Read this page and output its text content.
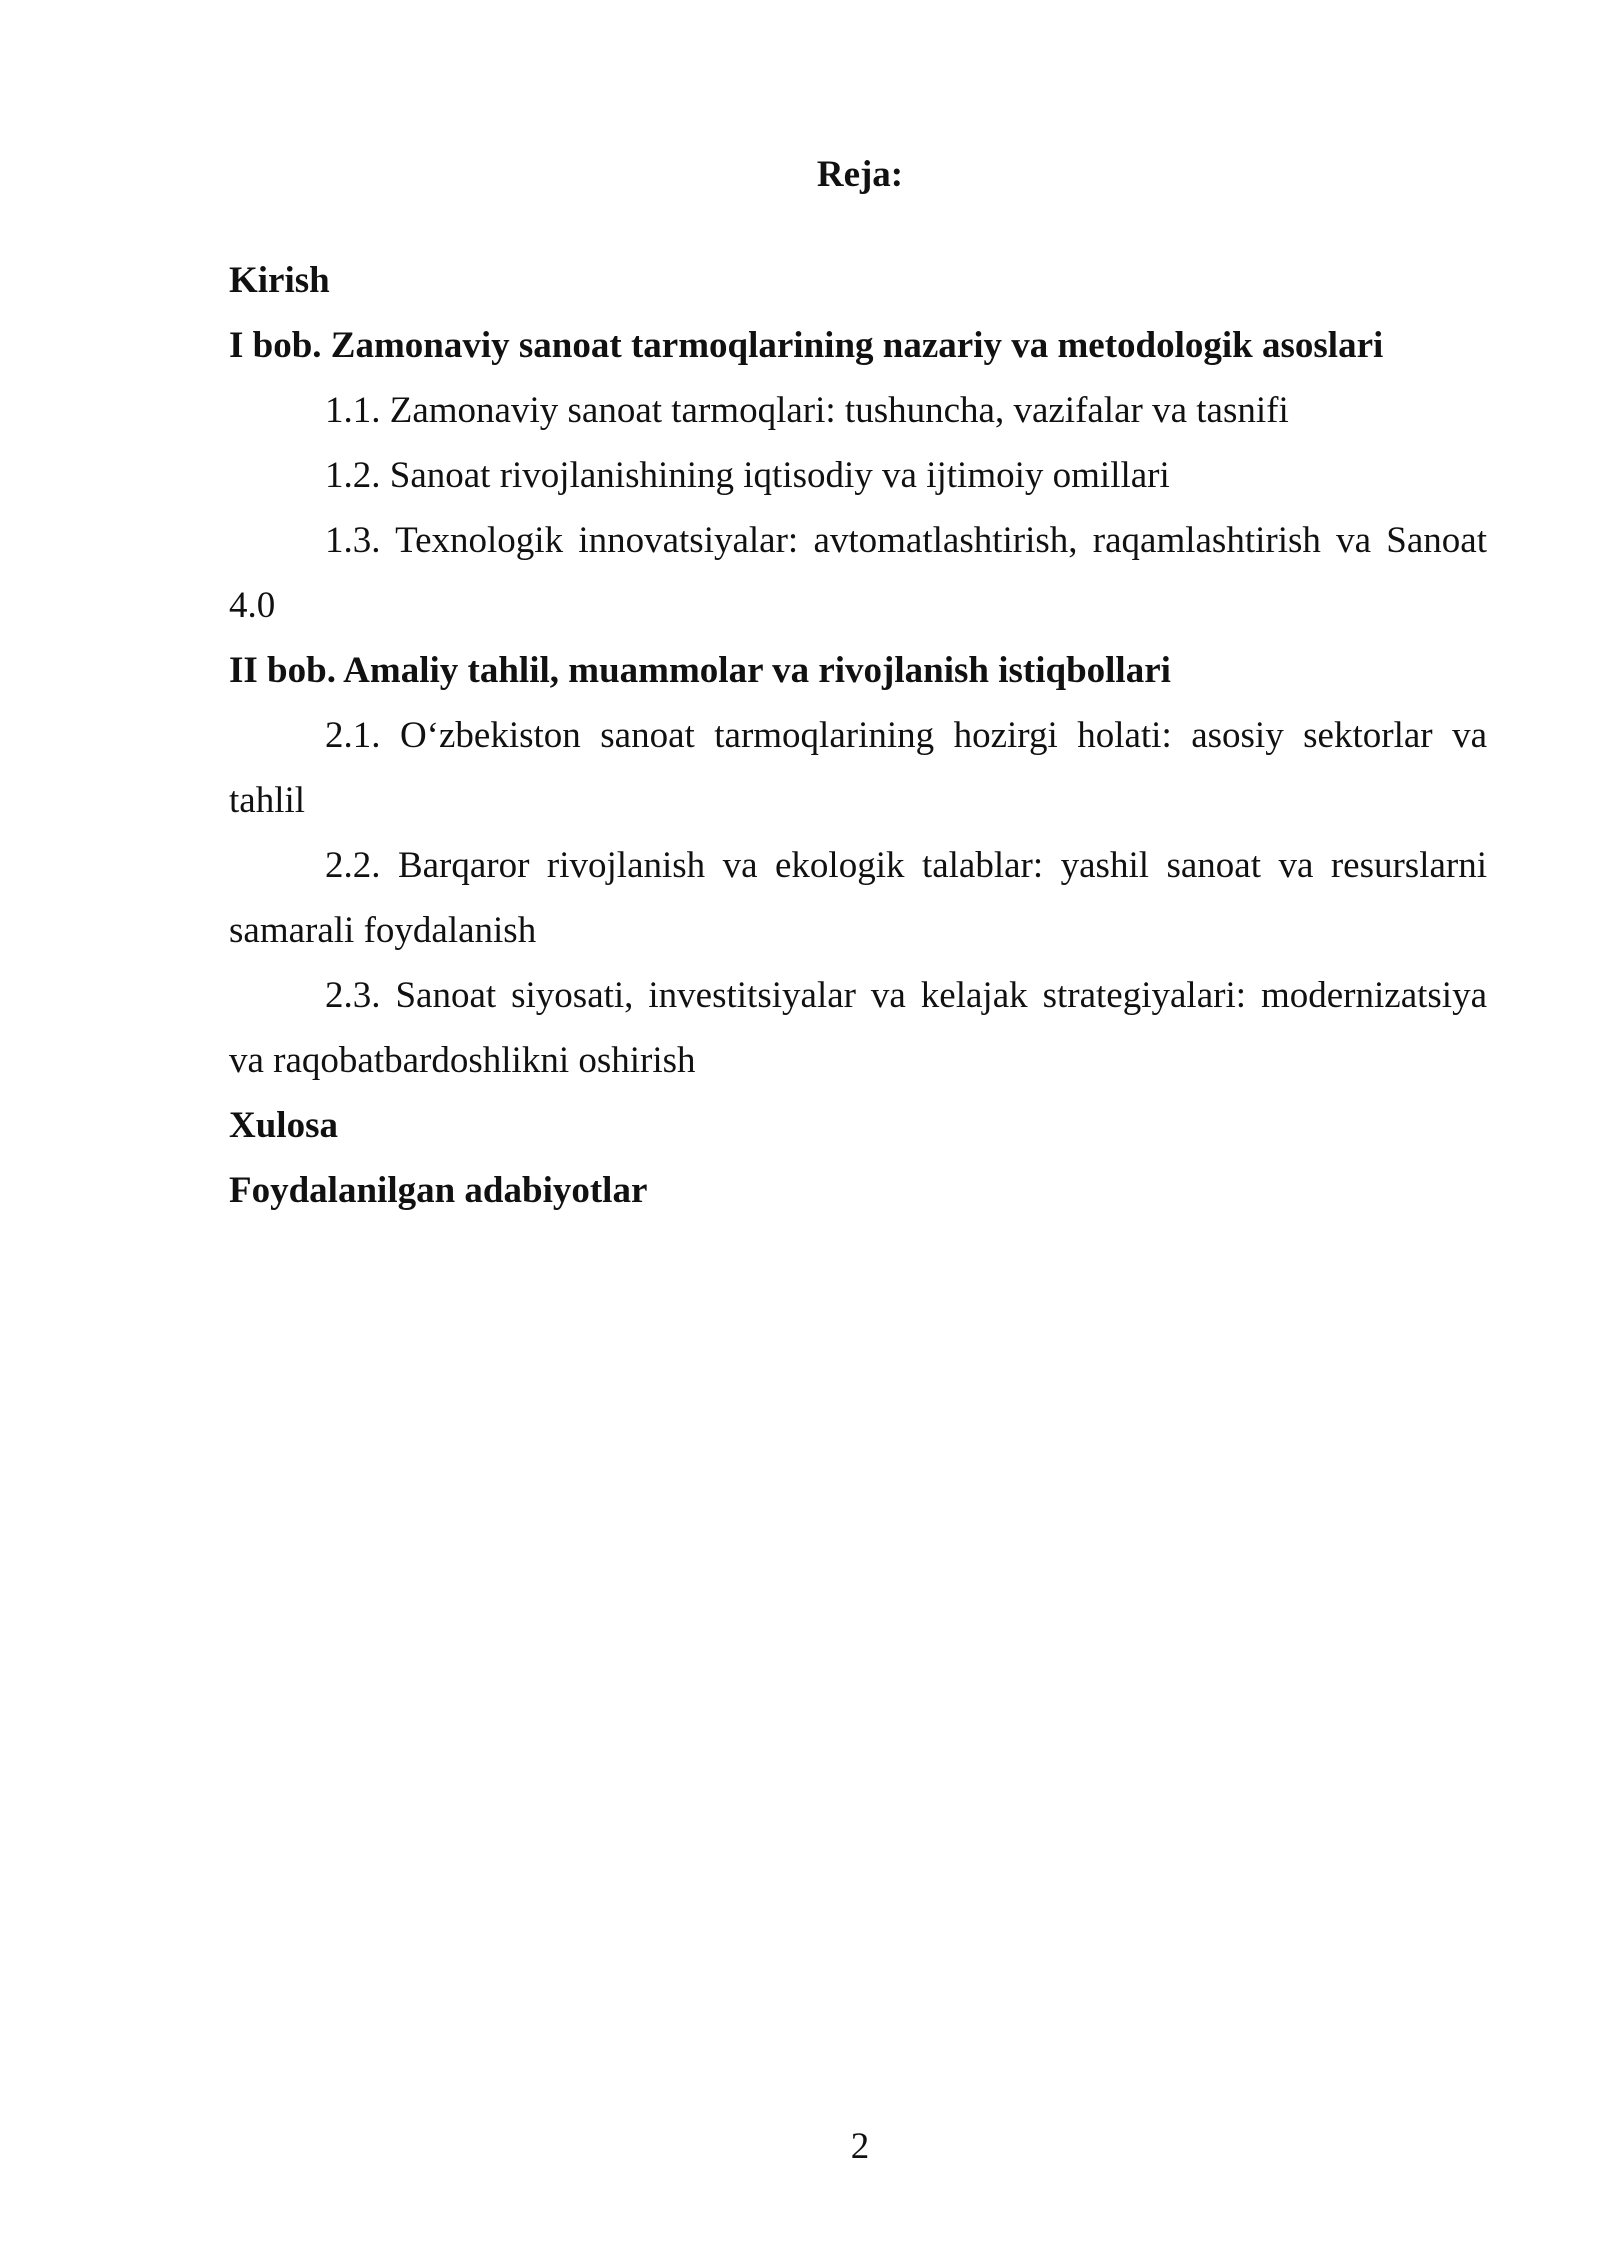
Reja:

Kirish

I bob. Zamonaviy sanoat tarmoqlarining nazariy va metodologik asoslari

1.1. Zamonaviy sanoat tarmoqlari: tushuncha, vazifalar va tasnifi

1.2. Sanoat rivojlanishining iqtisodiy va ijtimoiy omillari

1.3. Texnologik innovatsiyalar: avtomatlashtirish, raqamlashtirish va Sanoat 4.0

II bob. Amaliy tahlil, muammolar va rivojlanish istiqbollari

2.1. O‘zbekiston sanoat tarmoqlarining hozirgi holati: asosiy sektorlar va tahlil

2.2. Barqaror rivojlanish va ekologik talablar: yashil sanoat va resurslarni samarali foydalanish

2.3. Sanoat siyosati, investitsiyalar va kelajak strategiyalari: modernizatsiya va raqobatbardoshlikni oshirish

Xulosa

Foydalanilgan adabiyotlar

2
